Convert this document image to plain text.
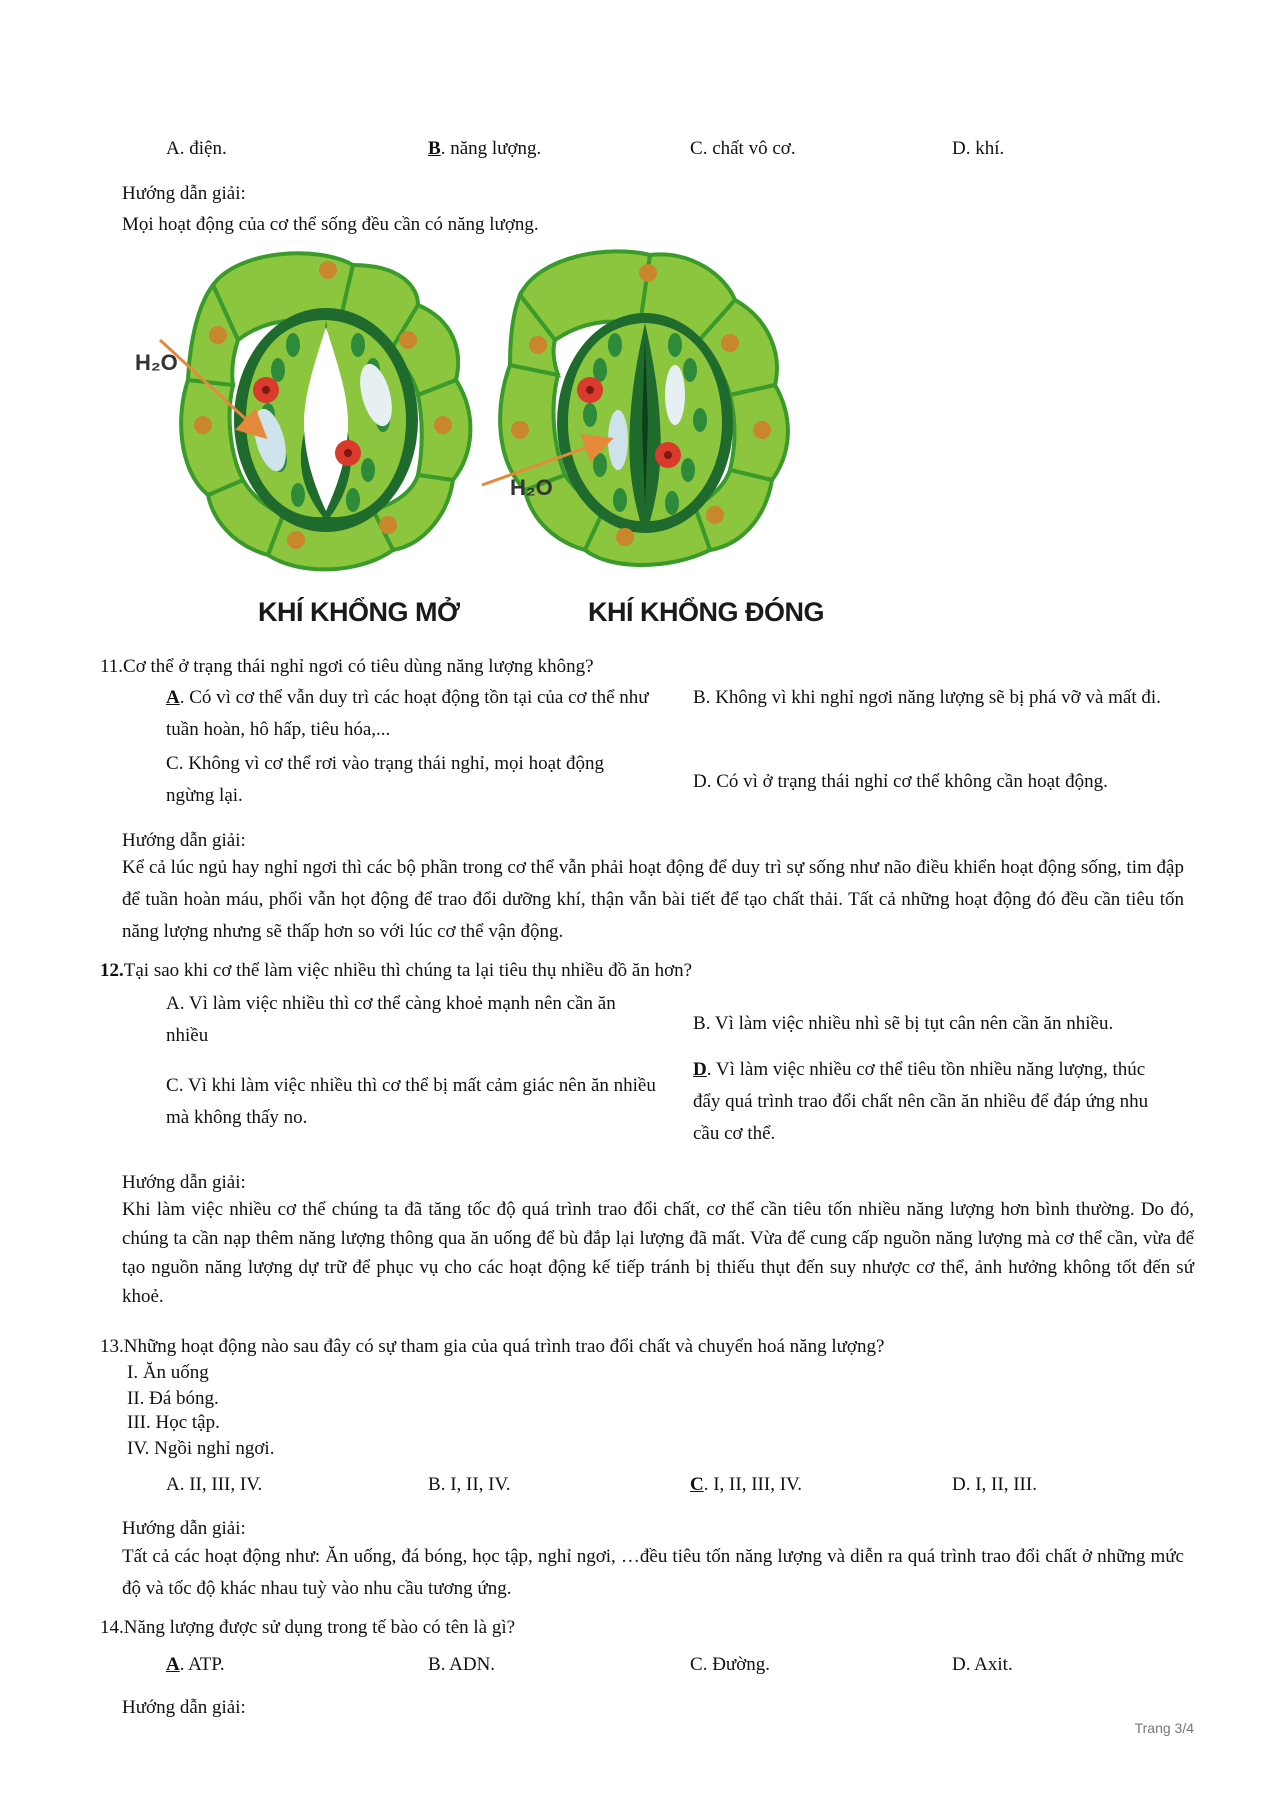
A. điện.	B. năng lượng.	C. chất vô cơ.	D. khí.
Hướng dẫn giải:
Mọi hoạt động của cơ thể sống đều cần có năng lượng.
H₂O
H₂O
KHÍ KHỔNG MỞ	KHÍ KHỔNG ĐÓNG
11.Cơ thể ở trạng thái nghỉ ngơi có tiêu dùng năng lượng không?
A. Có vì cơ thể vẫn duy trì các hoạt động tồn tại của cơ thể như tuần hoàn, hô hấp, tiêu hóa,...
B. Không vì khi nghỉ ngơi năng lượng sẽ bị phá vỡ và mất đi.
C. Không vì cơ thể rơi vào trạng thái nghỉ, mọi hoạt động ngừng lại.
D. Có vì ở trạng thái nghỉ cơ thể không cần hoạt động.
Hướng dẫn giải:
Kể cả lúc ngủ hay nghỉ ngơi thì các bộ phần trong cơ thể vẫn phải hoạt động để duy trì sự sống như não điều khiển hoạt động sống, tim đập để tuần hoàn máu, phổi vẫn họt động để trao đổi dưỡng khí, thận vẫn bài tiết để tạo chất thải. Tất cả những hoạt động đó đều cần tiêu tốn năng lượng nhưng sẽ thấp hơn so với lúc cơ thể vận động.
12.Tại sao khi cơ thể làm việc nhiều thì chúng ta lại tiêu thụ nhiều đồ ăn hơn?
A. Vì làm việc nhiều thì cơ thể càng khoẻ mạnh nên cần ăn nhiều
B. Vì làm việc nhiều nhì sẽ bị tụt cân nên cần ăn nhiều.
C. Vì khi làm việc nhiều thì cơ thể bị mất cảm giác nên ăn nhiều mà không thấy no.
D. Vì làm việc nhiều cơ thể tiêu tồn nhiều năng lượng, thúc đẩy quá trình trao đổi chất nên cần ăn nhiều để đáp ứng nhu cầu cơ thể.
Hướng dẫn giải:
Khi làm việc nhiều cơ thể chúng ta đã tăng tốc độ quá trình trao đổi chất, cơ thể cần tiêu tốn nhiều năng lượng hơn bình thường. Do đó, chúng ta cần nạp thêm năng lượng thông qua ăn uống để bù đắp lại lượng đã mất. Vừa để cung cấp nguồn năng lượng mà cơ thể cần, vừa để tạo nguồn năng lượng dự trữ để phục vụ cho các hoạt động kế tiếp tránh bị thiếu thụt đến suy nhược cơ thể, ảnh hưởng không tốt đến sứ khoẻ.
13.Những hoạt động nào sau đây có sự tham gia của quá trình trao đổi chất và chuyển hoá năng lượng?
I. Ăn uống
II. Đá bóng.
III. Học tập.
IV. Ngồi nghỉ ngơi.
A. II, III, IV.	B. I, II, IV.	C. I, II, III, IV.	D. I, II, III.
Hướng dẫn giải:
Tất cả các hoạt động như: Ăn uống, đá bóng, học tập, nghỉ ngơi, …đều tiêu tốn năng lượng và diễn ra quá trình trao đổi chất ở những mức độ và tốc độ khác nhau tuỳ vào nhu cầu tương ứng.
14.Năng lượng được sử dụng trong tế bào có tên là gì?
A. ATP.	B. ADN.	C. Đường.	D. Axit.
Hướng dẫn giải:
Trang 3/4
